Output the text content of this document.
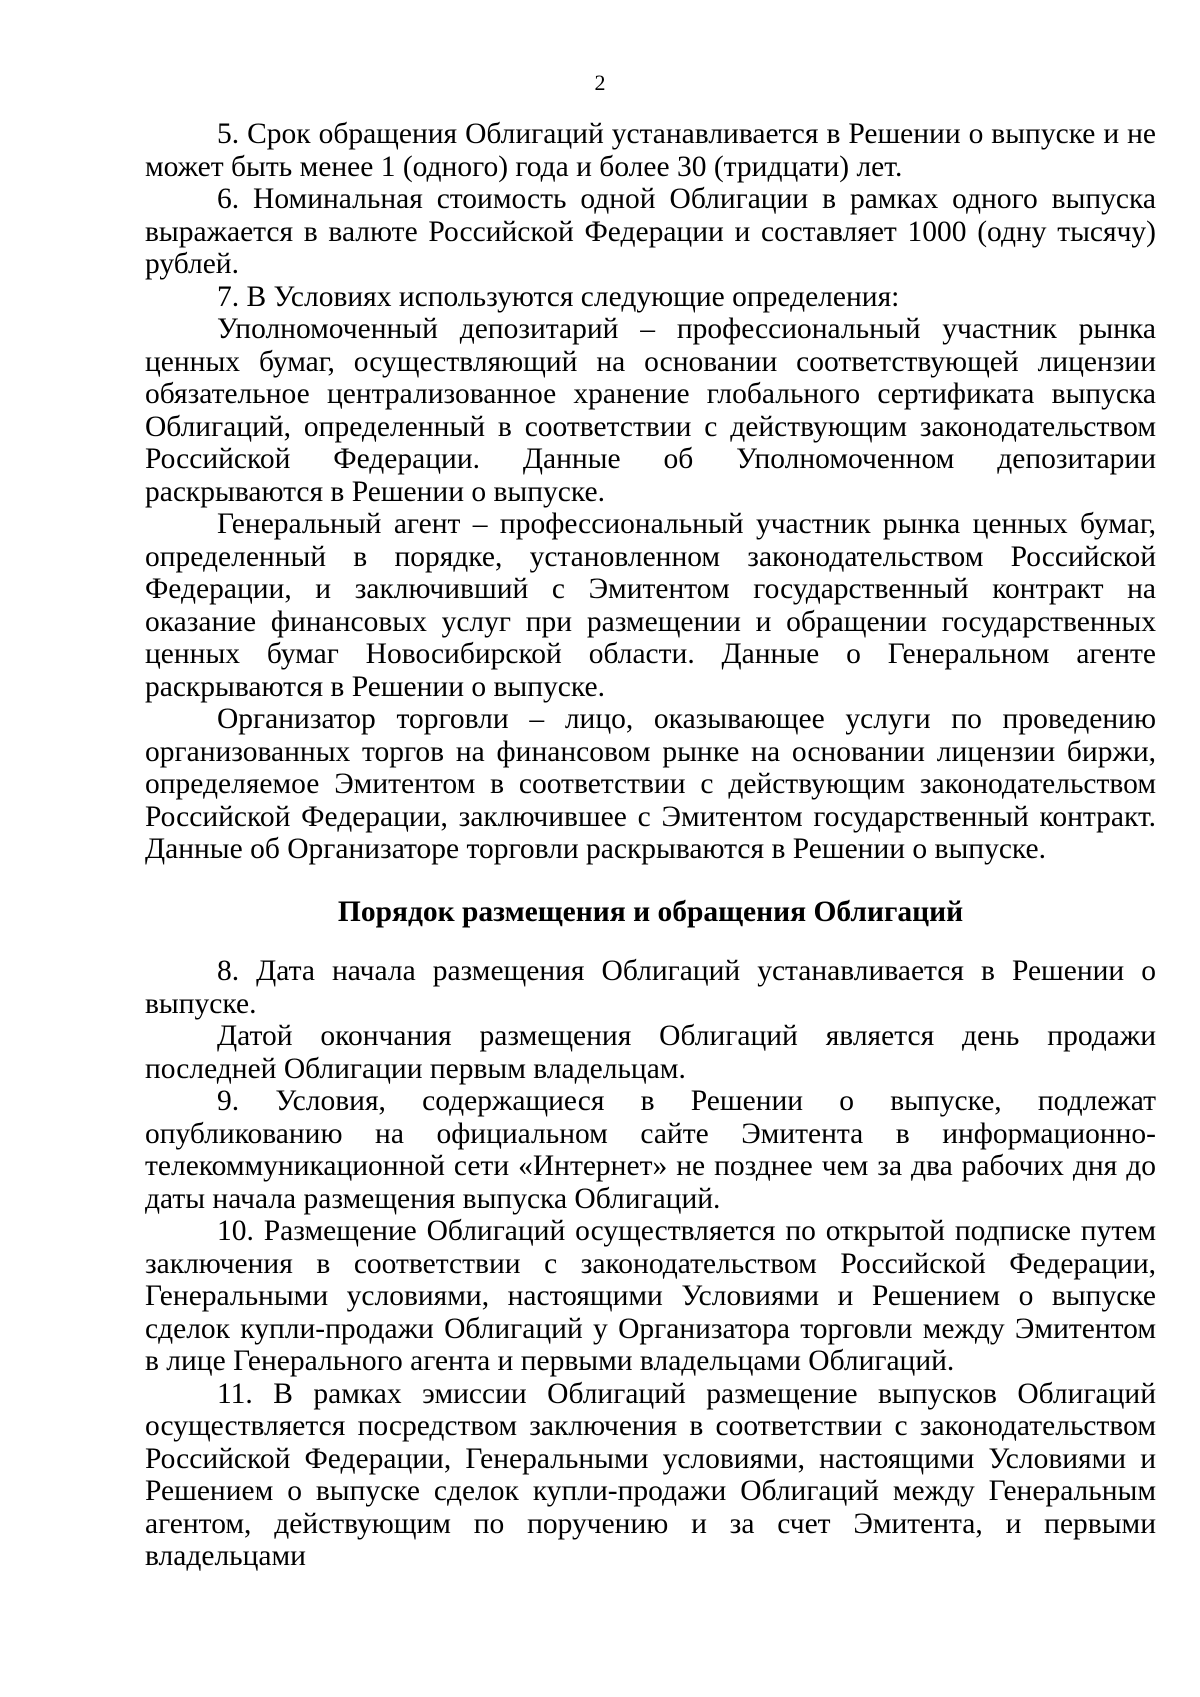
2

5. Срок обращения Облигаций устанавливается в Решении о выпуске и не может быть менее 1 (одного) года и более 30 (тридцати) лет.

6. Номинальная стоимость одной Облигации в рамках одного выпуска выражается в валюте Российской Федерации и составляет 1000 (одну тысячу) рублей.

7. В Условиях используются следующие определения:

Уполномоченный депозитарий – профессиональный участник рынка ценных бумаг, осуществляющий на основании соответствующей лицензии обязательное централизованное хранение глобального сертификата выпуска Облигаций, определенный в соответствии с действующим законодательством Российской Федерации. Данные об Уполномоченном депозитарии раскрываются в Решении о выпуске.

Генеральный агент – профессиональный участник рынка ценных бумаг, определенный в порядке, установленном законодательством Российской Федерации, и заключивший с Эмитентом государственный контракт на оказание финансовых услуг при размещении и обращении государственных ценных бумаг Новосибирской области. Данные о Генеральном агенте раскрываются в Решении о выпуске.

Организатор торговли – лицо, оказывающее услуги по проведению организованных торгов на финансовом рынке на основании лицензии биржи, определяемое Эмитентом в соответствии с действующим законодательством Российской Федерации, заключившее с Эмитентом государственный контракт. Данные об Организаторе торговли раскрываются в Решении о выпуске.

Порядок размещения и обращения Облигаций

8. Дата начала размещения Облигаций устанавливается в Решении о выпуске.

Датой окончания размещения Облигаций является день продажи последней Облигации первым владельцам.

9. Условия, содержащиеся в Решении о выпуске, подлежат опубликованию на официальном сайте Эмитента в информационно-телекоммуникационной сети «Интернет» не позднее чем за два рабочих дня до даты начала размещения выпуска Облигаций.

10. Размещение Облигаций осуществляется по открытой подписке путем заключения в соответствии с законодательством Российской Федерации, Генеральными условиями, настоящими Условиями и Решением о выпуске сделок купли-продажи Облигаций у Организатора торговли между Эмитентом в лице Генерального агента и первыми владельцами Облигаций.

11. В рамках эмиссии Облигаций размещение выпусков Облигаций осуществляется посредством заключения в соответствии с законодательством Российской Федерации, Генеральными условиями, настоящими Условиями и Решением о выпуске сделок купли-продажи Облигаций между Генеральным агентом, действующим по поручению и за счет Эмитента, и первыми владельцами
